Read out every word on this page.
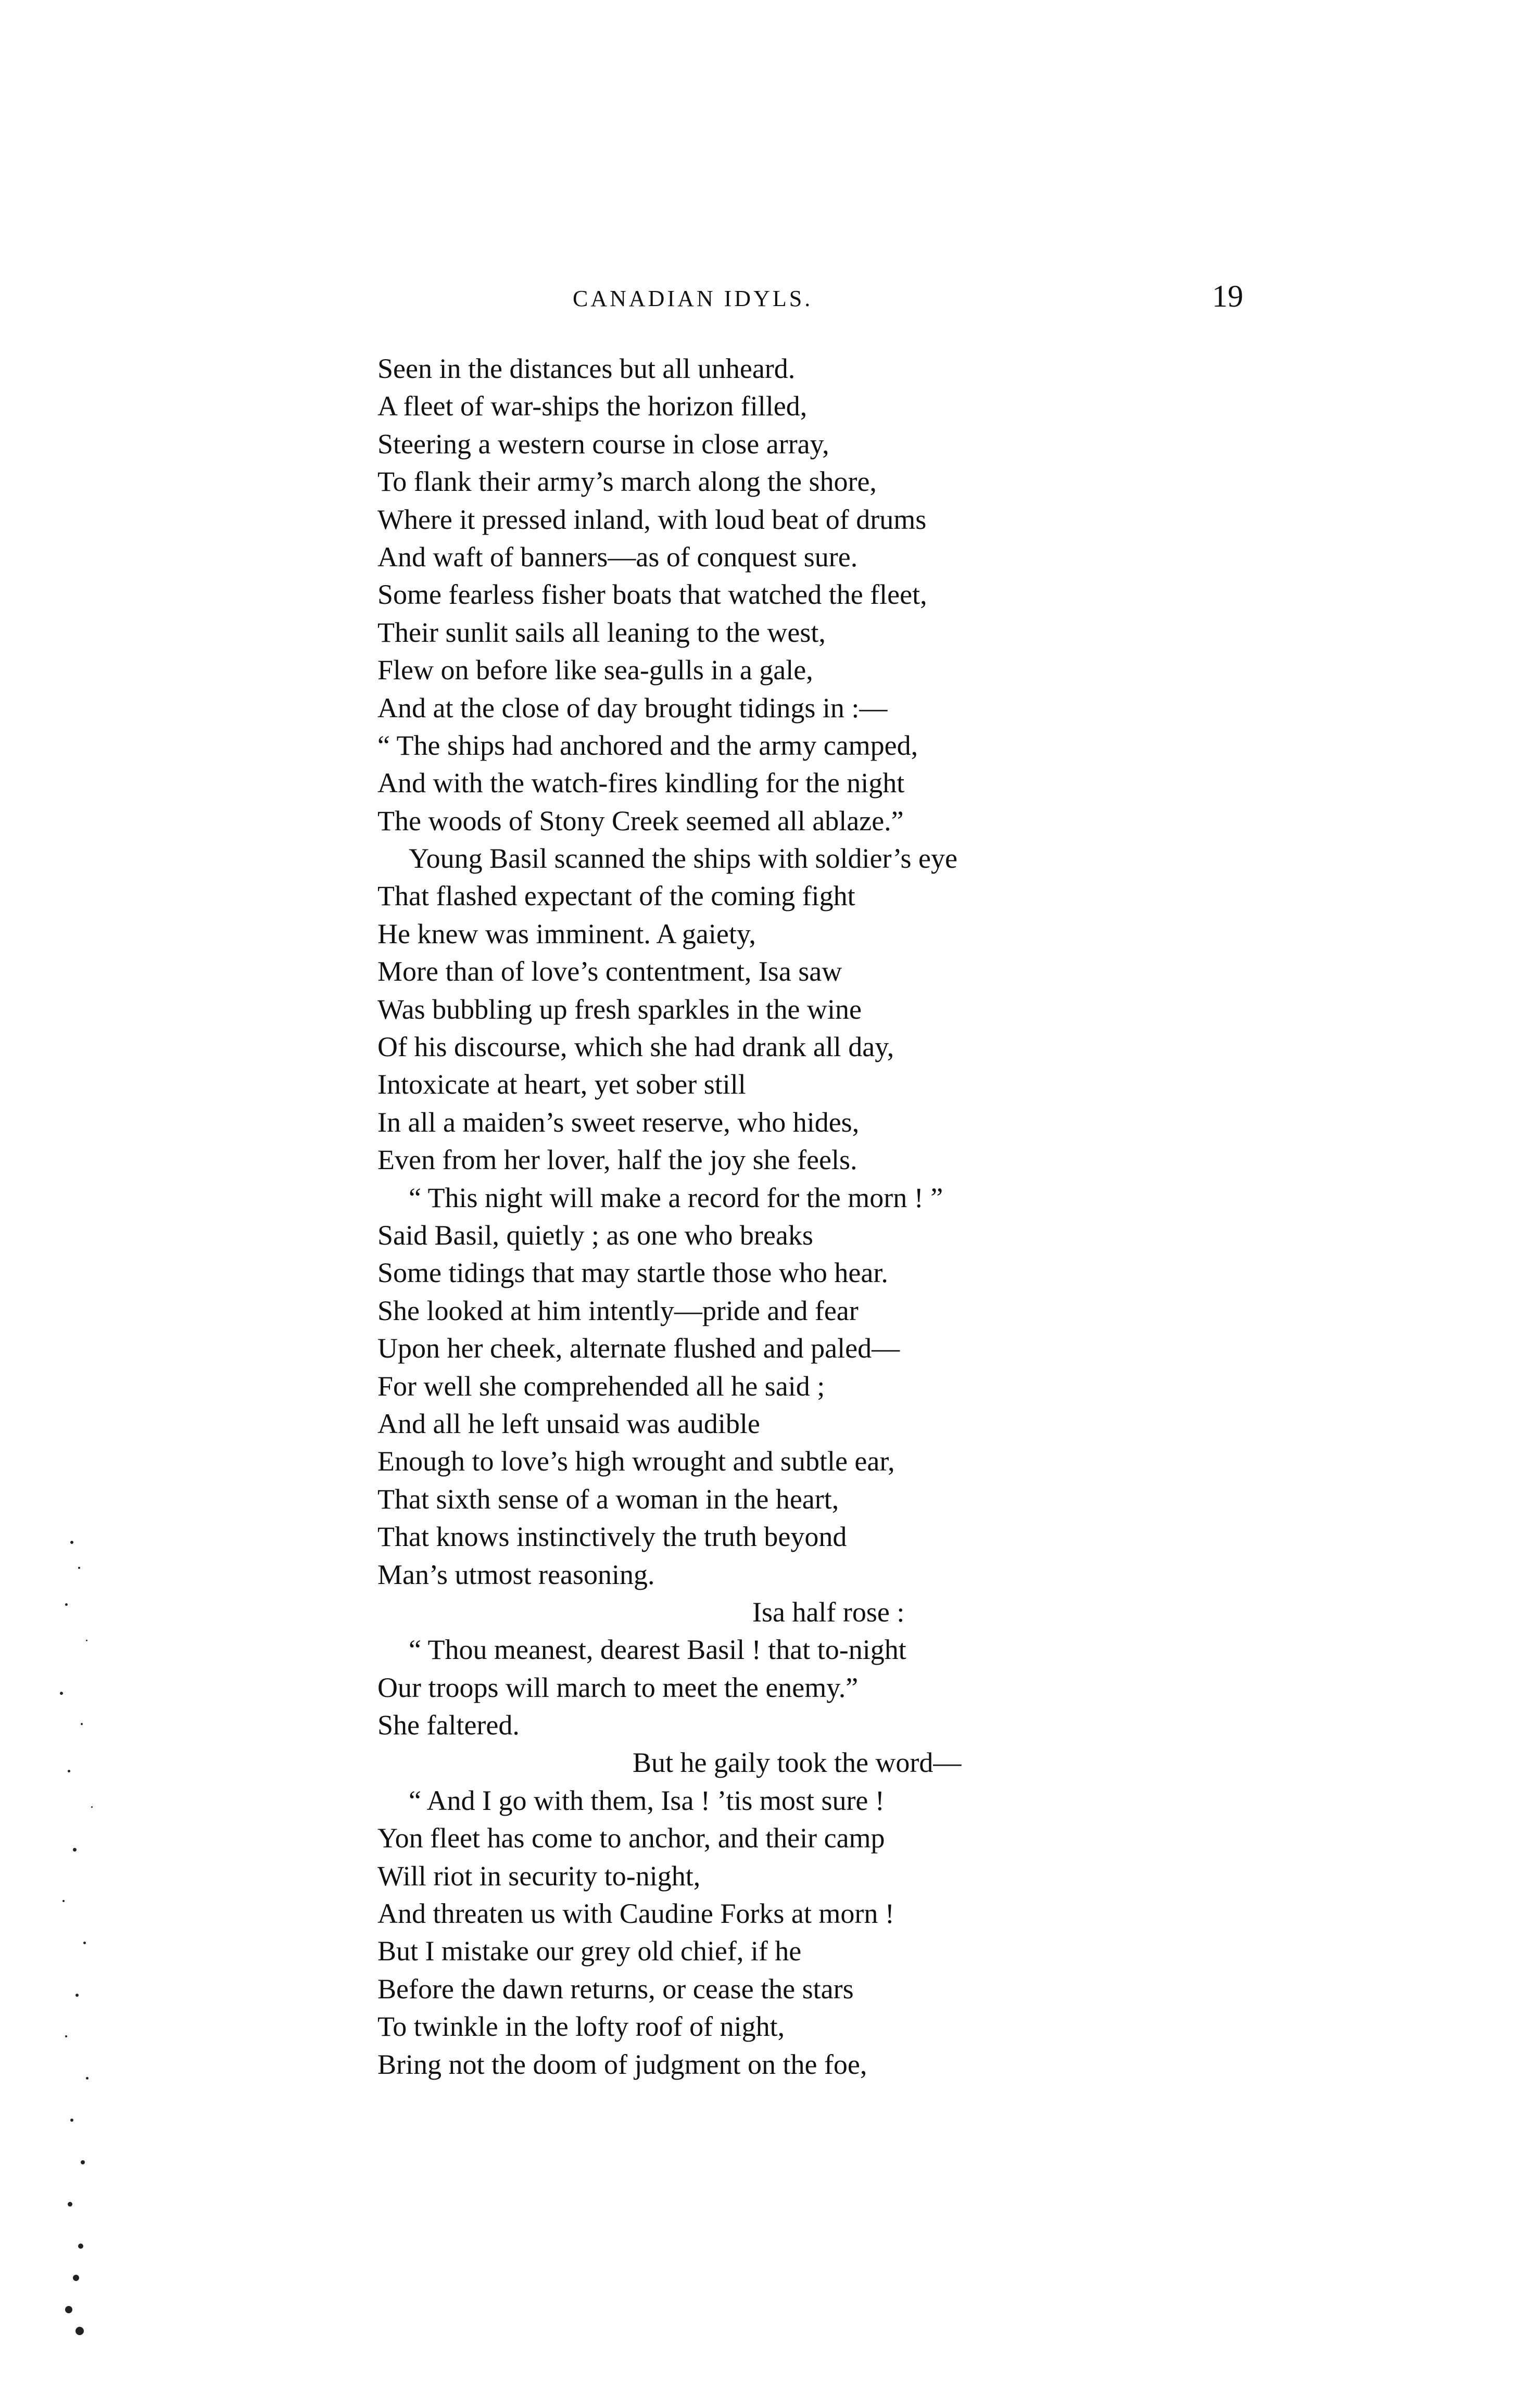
CANADIAN IDYLS.	19
Seen in the distances but all unheard.
A fleet of war-ships the horizon filled,
Steering a western course in close array,
To flank their army’s march along the shore,
Where it pressed inland, with loud beat of drums
And waft of banners—as of conquest sure.
Some fearless fisher boats that watched the fleet,
Their sunlit sails all leaning to the west,
Flew on before like sea-gulls in a gale,
And at the close of day brought tidings in :—
“ The ships had anchored and the army camped,
And with the watch-fires kindling for the night
The woods of Stony Creek seemed all ablaze.”
Young Basil scanned the ships with soldier’s eye
That flashed expectant of the coming fight
He knew was imminent. A gaiety,
More than of love’s contentment, Isa saw
Was bubbling up fresh sparkles in the wine
Of his discourse, which she had drank all day,
Intoxicate at heart, yet sober still
In all a maiden’s sweet reserve, who hides,
Even from her lover, half the joy she feels.
“ This night will make a record for the morn ! ”
Said Basil, quietly ; as one who breaks
Some tidings that may startle those who hear.
She looked at him intently—pride and fear
Upon her cheek, alternate flushed and paled—
For well she comprehended all he said ;
And all he left unsaid was audible
Enough to love’s high wrought and subtle ear,
That sixth sense of a woman in the heart,
That knows instinctively the truth beyond
Man’s utmost reasoning.
Isa half rose :
“ Thou meanest, dearest Basil ! that to-night
Our troops will march to meet the enemy.”
She faltered.
But he gaily took the word—
“ And I go with them, Isa ! ’tis most sure !
Yon fleet has come to anchor, and their camp
Will riot in security to-night,
And threaten us with Caudine Forks at morn !
But I mistake our grey old chief, if he
Before the dawn returns, or cease the stars
To twinkle in the lofty roof of night,
Bring not the doom of judgment on the foe,
